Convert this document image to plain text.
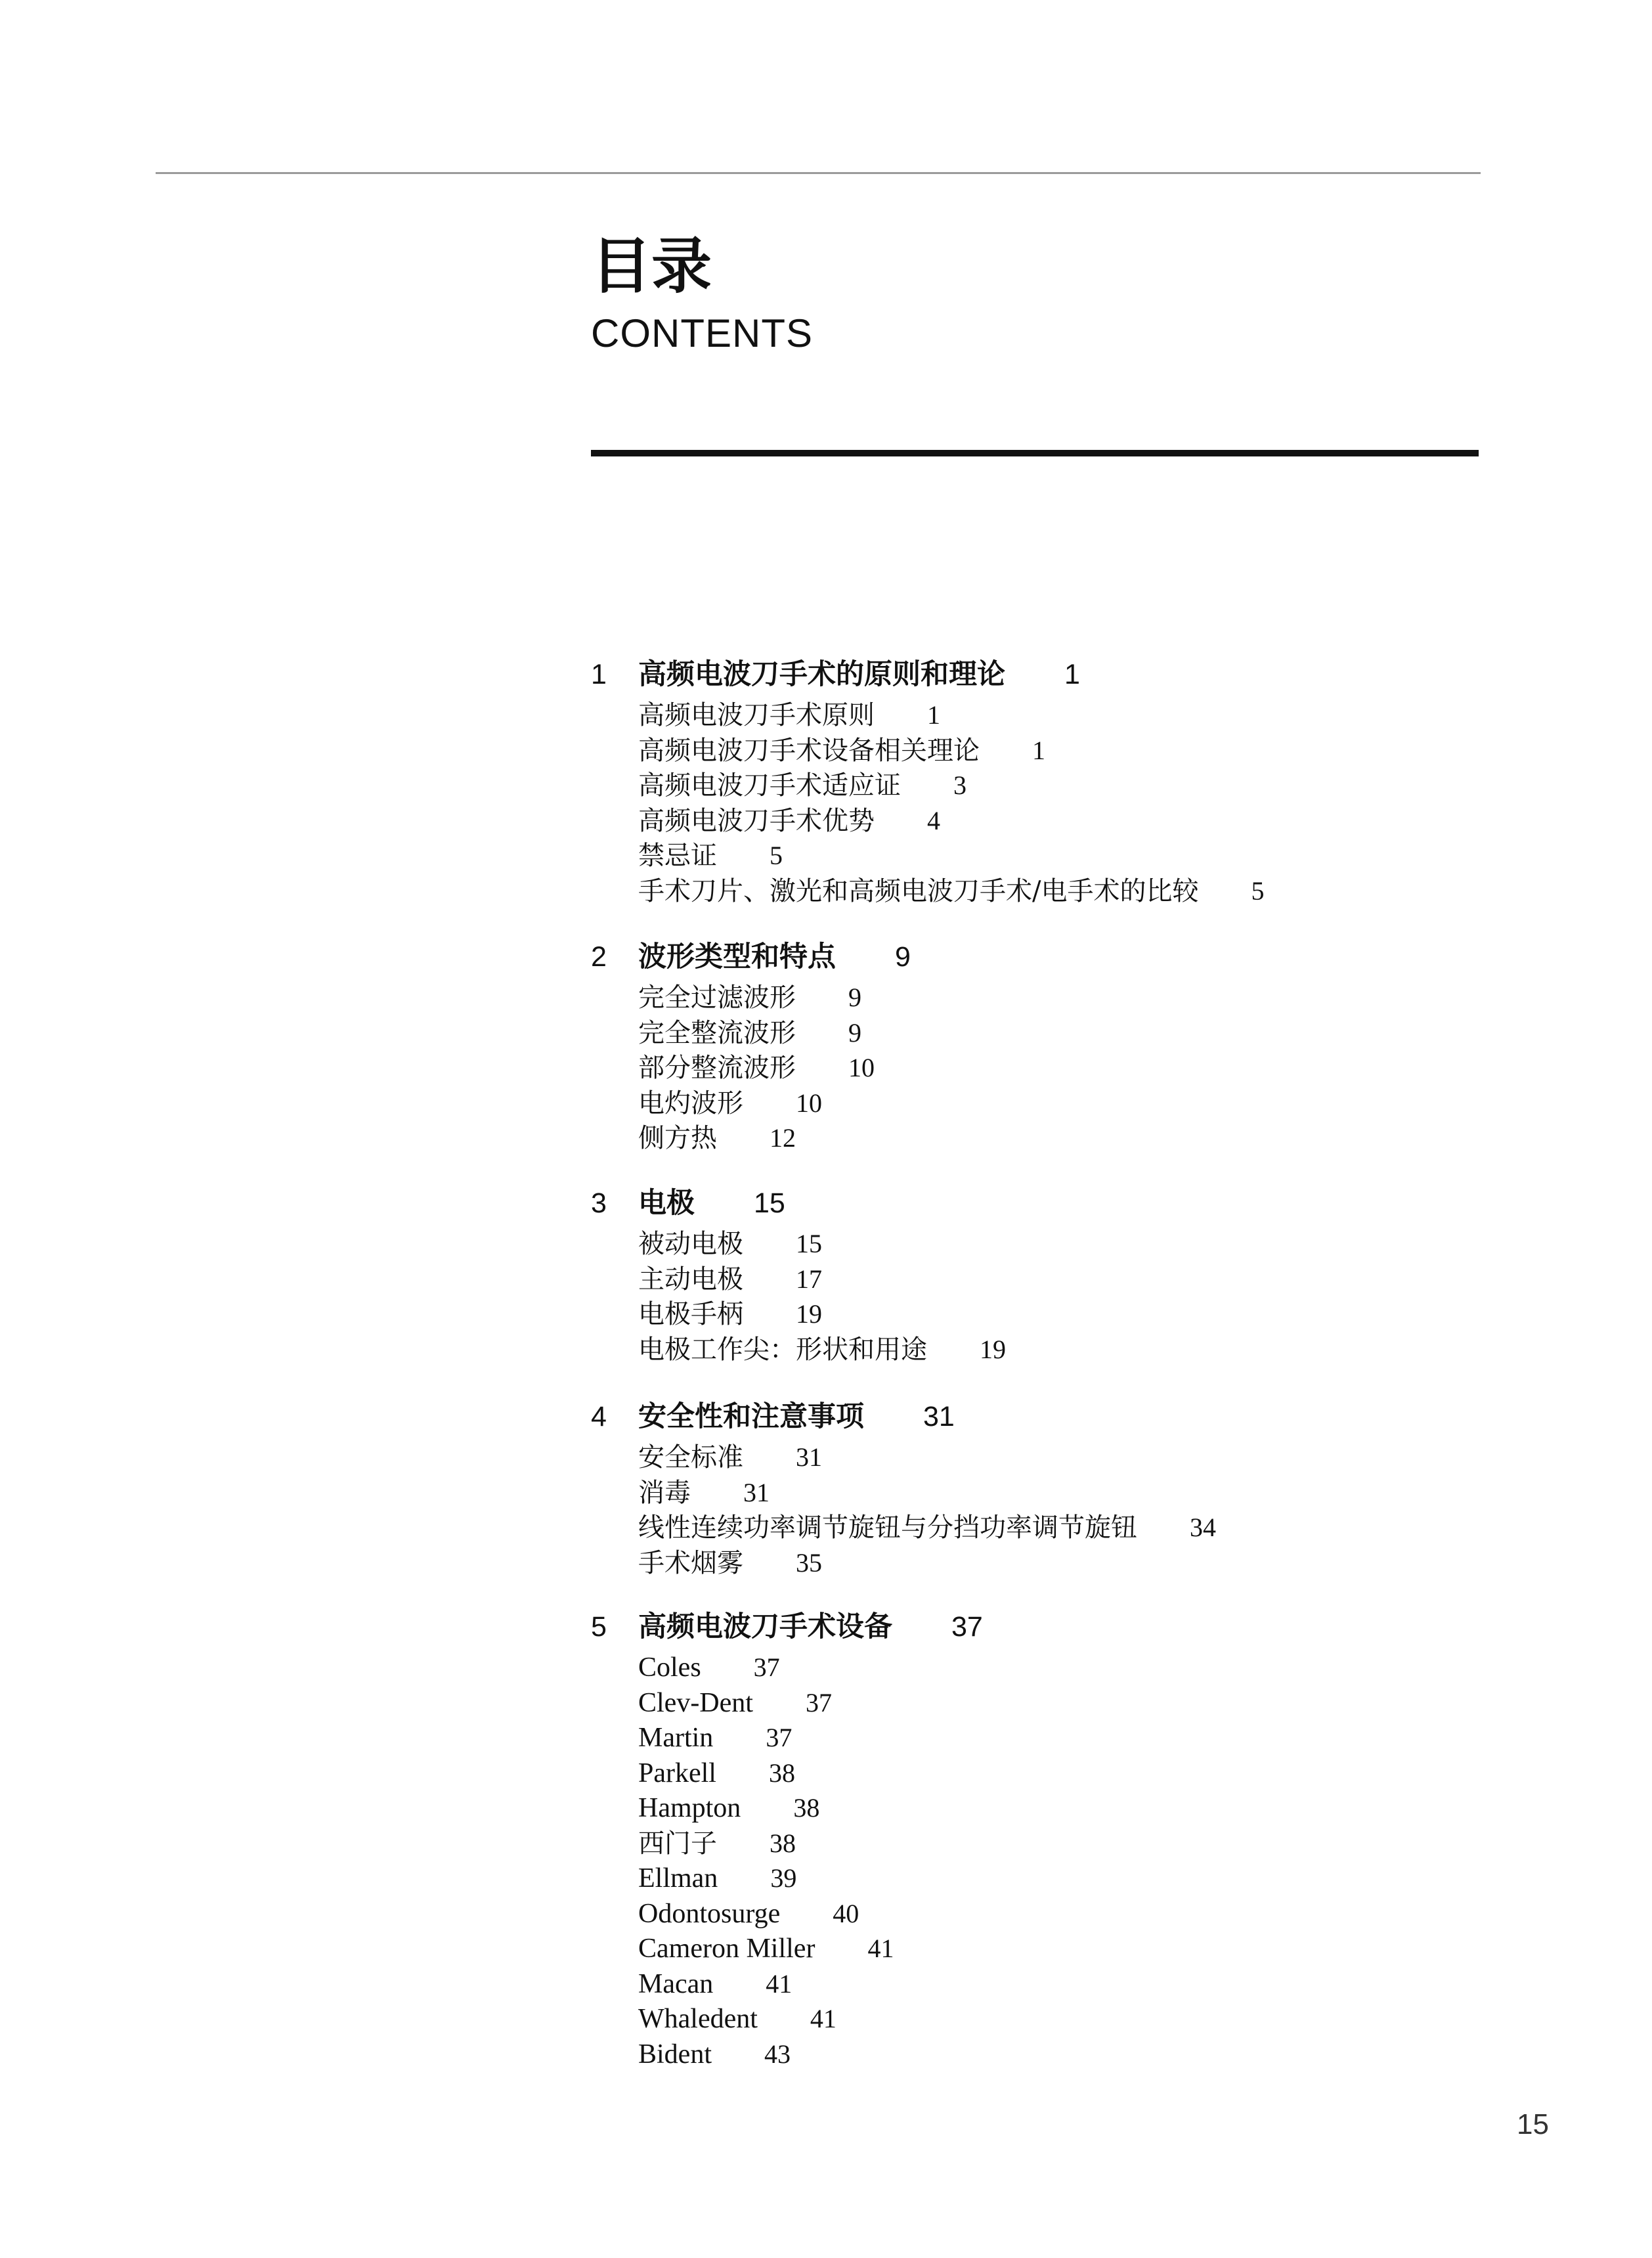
目录
CONTENTS
1 高频电波刀手术的原则和理论 1
高频电波刀手术原则 1
高频电波刀手术设备相关理论 1
高频电波刀手术适应证 3
高频电波刀手术优势 4
禁忌证 5
手术刀片、激光和高频电波刀手术/电手术的比较 5
2 波形类型和特点 9
完全过滤波形 9
完全整流波形 9
部分整流波形 10
电灼波形 10
侧方热 12
3 电极 15
被动电极 15
主动电极 17
电极手柄 19
电极工作尖：形状和用途 19
4 安全性和注意事项 31
安全标准 31
消毒 31
线性连续功率调节旋钮与分挡功率调节旋钮 34
手术烟雾 35
5 高频电波刀手术设备 37
Coles 37
Clev-Dent 37
Martin 37
Parkell 38
Hampton 38
西门子 38
Ellman 39
Odontosurge 40
Cameron Miller 41
Macan 41
Whaledent 41
Bident 43
15
